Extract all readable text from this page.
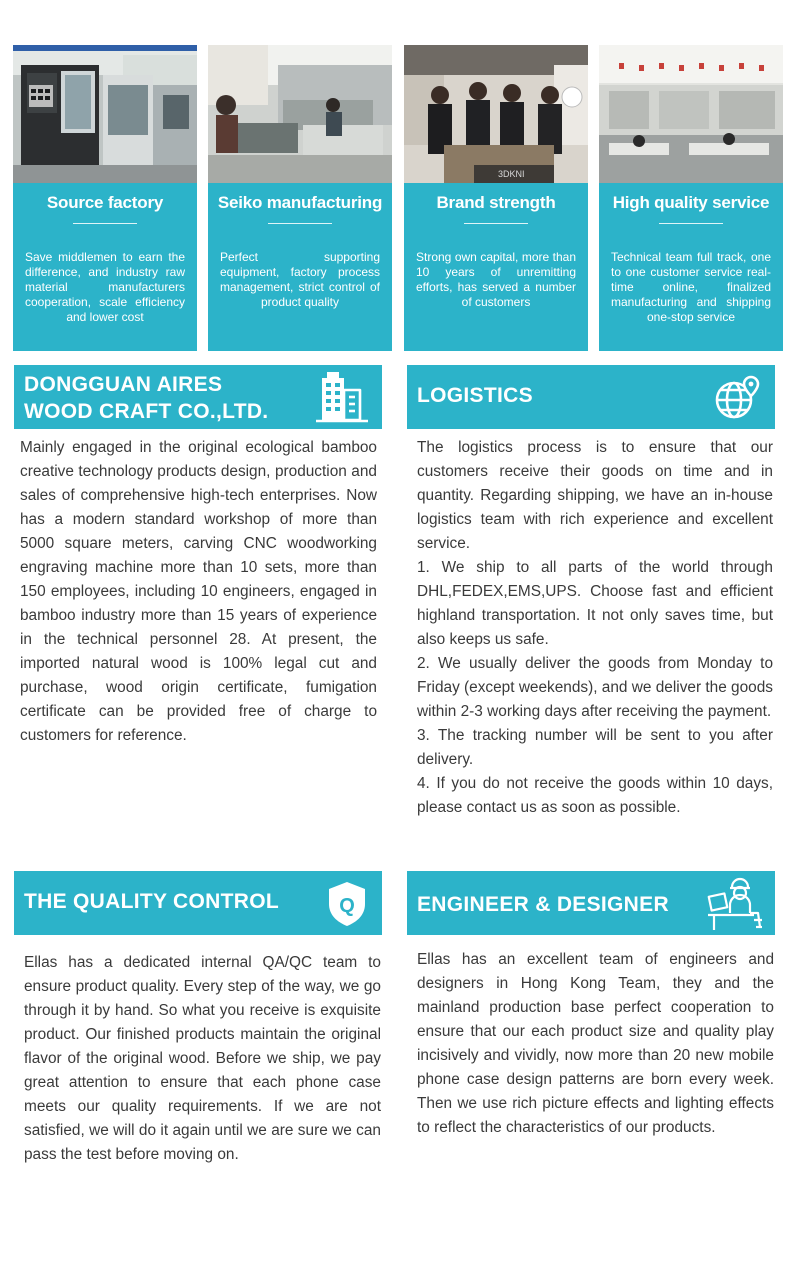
Source factory
Save middlemen to earn the difference, and industry raw material manufacturers cooperation, scale efficiency and lower cost
Seiko manufacturing
Perfect supporting equipment, factory process management, strict control of product quality
3DKNI
Brand strength
Strong own capital, more than 10 years of unremitting efforts, has served a number of customers
High quality service
Technical team full track, one to one customer service real-time online, finalized manufacturing and shipping one-stop service
DONGGUAN AIRES
WOOD CRAFT CO.,LTD.

Mainly engaged in the original ecological bamboo creative technology products design, production and sales of comprehensive high-tech enterprises. Now has a modern standard workshop of more than 5000 square meters, carving CNC woodworking engraving machine more than 10 sets, more than 150 employees, including 10 engineers, engaged in bamboo industry more than 15 years of experience in the technical personnel 28. At present, the imported natural wood is 100% legal cut and purchase, wood origin certificate, fumigation certificate can be provided free of charge to customers for reference.

LOGISTICS

The logistics process is to ensure that our customers receive their goods on time and in quantity. Regarding shipping, we have an in-house logistics team with rich experience and excellent service.

1. We ship to all parts of the world through DHL,FEDEX,EMS,UPS. Choose fast and efficient highland transportation. It not only saves time, but also keeps us safe.

2. We usually deliver the goods from Monday to Friday (except weekends), and we deliver the goods within 2-3 working days after receiving the payment.

3. The tracking number will be sent to you after delivery.

4. If you do not receive the goods within 10 days, please contact us as soon as possible.

THE QUALITY CONTROL	Q

Ellas has a dedicated internal QA/QC team to ensure product quality. Every step of the way, we go through it by hand. So what you receive is exquisite product. Our finished products maintain the original flavor of the original wood. Before we ship, we pay great attention to ensure that each phone case meets our quality requirements. If we are not satisfied, we will do it again until we are sure we can pass the test before moving on.

ENGINEER & DESIGNER

Ellas has an excellent team of engineers and designers in Hong Kong Team, they and the mainland production base perfect cooperation to ensure that our each product size and quality play incisively and vividly, now more than 20 new mobile phone case design patterns are born every week. Then we use rich picture effects and lighting effects to reflect the characteristics of our products.
